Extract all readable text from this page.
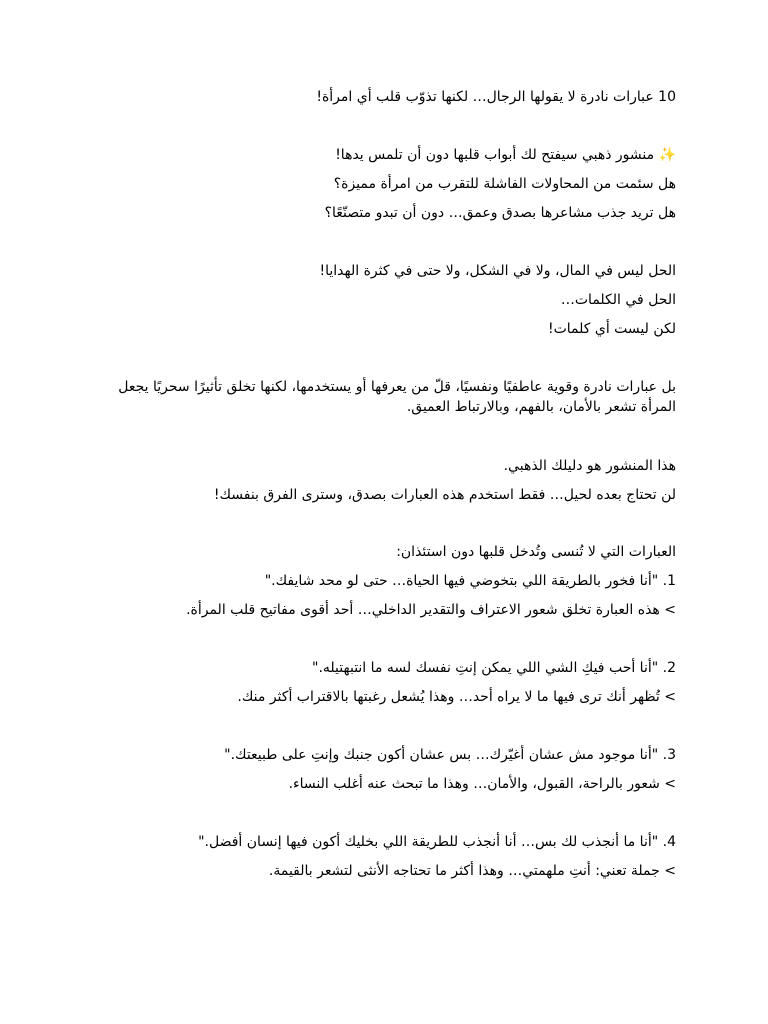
10 عبارات نادرة لا يقولها الرجال… لكنها تذوّب قلب أي امرأة!
✨ منشور ذهبي سيفتح لك أبواب قلبها دون أن تلمس يدها!
هل سئمت من المحاولات الفاشلة للتقرب من امرأة مميزة؟
هل تريد جذب مشاعرها بصدق وعمق… دون أن تبدو متصنّعًا؟
الحل ليس في المال، ولا في الشكل، ولا حتى في كثرة الهدايا!
الحل في الكلمات…
لكن ليست أي كلمات!
بل عبارات نادرة وقوية عاطفيًا ونفسيًا، قلّ من يعرفها أو يستخدمها، لكنها تخلق تأثيرًا سحريًا يجعل المرأة تشعر بالأمان، بالفهم، وبالارتباط العميق.
هذا المنشور هو دليلك الذهبي.
لن تحتاج بعده لحيل… فقط استخدم هذه العبارات بصدق، وسترى الفرق بنفسك!
العبارات التي لا تُنسى وتُدخل قلبها دون استئذان:
1. "أنا فخور بالطريقة اللي بتخوضي فيها الحياة… حتى لو محد شايفك."
> هذه العبارة تخلق شعور الاعتراف والتقدير الداخلي… أحد أقوى مفاتيح قلب المرأة.
2. "أنا أحب فيكِ الشي اللي يمكن إنتِ نفسك لسه ما انتبهتيله."
> تُظهر أنك ترى فيها ما لا يراه أحد… وهذا يُشعل رغبتها بالاقتراب أكثر منك.
3. "أنا موجود مش عشان أغيّرك… بس عشان أكون جنبك وإنتِ على طبيعتك."
> شعور بالراحة، القبول، والأمان… وهذا ما تبحث عنه أغلب النساء.
4. "أنا ما أنجذب لك بس… أنا أنجذب للطريقة اللي بخليك أكون فيها إنسان أفضل."
> جملة تعني: أنتِ ملهمتي… وهذا أكثر ما تحتاجه الأنثى لتشعر بالقيمة.
